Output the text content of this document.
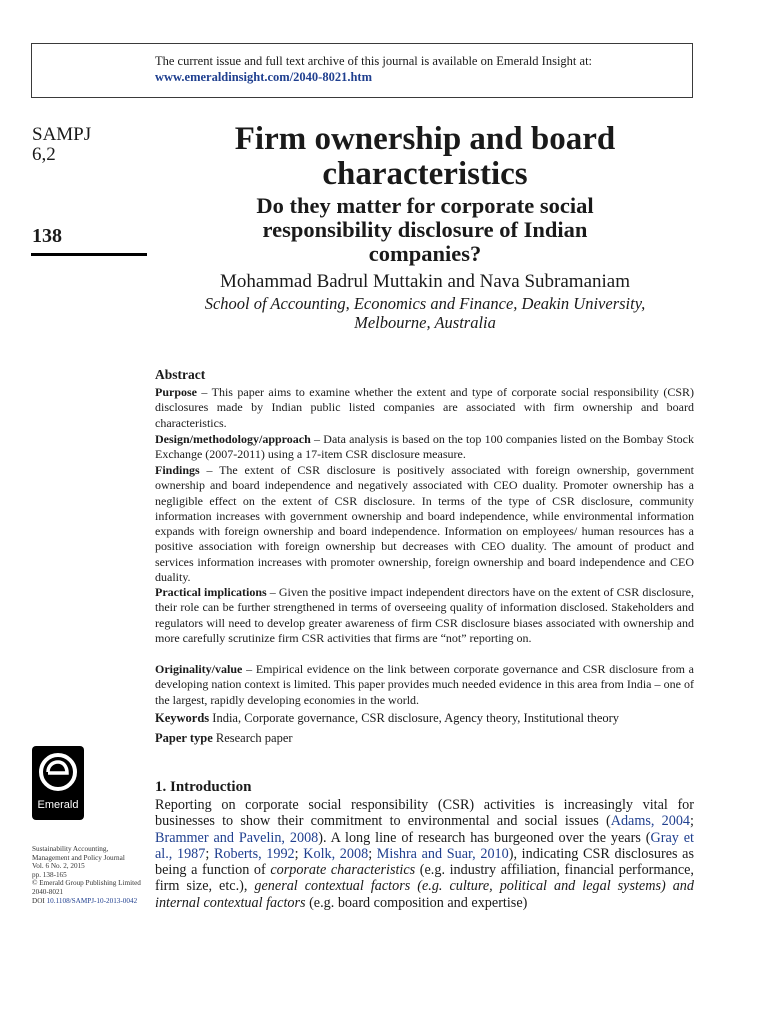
The current issue and full text archive of this journal is available on Emerald Insight at:
www.emeraldinsight.com/2040-8021.htm
SAMPJ
6,2
138
Firm ownership and board
characteristics
Do they matter for corporate social
responsibility disclosure of Indian
companies?
Mohammad Badrul Muttakin and Nava Subramaniam
School of Accounting, Economics and Finance, Deakin University,
Melbourne, Australia
Abstract

Purpose – This paper aims to examine whether the extent and type of corporate social responsibility (CSR) disclosures made by Indian public listed companies are associated with firm ownership and board characteristics.

Design/methodology/approach – Data analysis is based on the top 100 companies listed on the Bombay Stock Exchange (2007-2011) using a 17-item CSR disclosure measure.

Findings – The extent of CSR disclosure is positively associated with foreign ownership, government ownership and board independence and negatively associated with CEO duality. Promoter ownership has a negligible effect on the extent of CSR disclosure. In terms of the type of CSR disclosure, community information increases with government ownership and board independence, while environmental information expands with foreign ownership and board independence. Information on employees/ human resources has a positive association with foreign ownership but decreases with CEO duality. The amount of product and services information increases with promoter ownership, foreign ownership and board independence and CEO duality.

Practical implications – Given the positive impact independent directors have on the extent of CSR disclosure, their role can be further strengthened in terms of overseeing quality of information disclosed. Stakeholders and regulators will need to develop greater awareness of firm CSR disclosure biases associated with ownership and more carefully scrutinize firm CSR activities that firms are “not” reporting on.

Originality/value – Empirical evidence on the link between corporate governance and CSR disclosure from a developing nation context is limited. This paper provides much needed evidence in this area from India – one of the largest, rapidly developing economies in the world.

Keywords India, Corporate governance, CSR disclosure, Agency theory, Institutional theory
Paper type Research paper
Emerald
Sustainability Accounting,
Management and Policy Journal
Vol. 6 No. 2, 2015
pp. 138-165
© Emerald Group Publishing Limited
2040-8021
DOI 10.1108/SAMPJ-10-2013-0042
1. Introduction

Reporting on corporate social responsibility (CSR) activities is increasingly vital for businesses to show their commitment to environmental and social issues (Adams, 2004; Brammer and Pavelin, 2008). A long line of research has burgeoned over the years (Gray et al., 1987; Roberts, 1992; Kolk, 2008; Mishra and Suar, 2010), indicating CSR disclosures as being a function of corporate characteristics (e.g. industry affiliation, financial performance, firm size, etc.), general contextual factors (e.g. culture, political and legal systems) and internal contextual factors (e.g. board composition and expertise)
